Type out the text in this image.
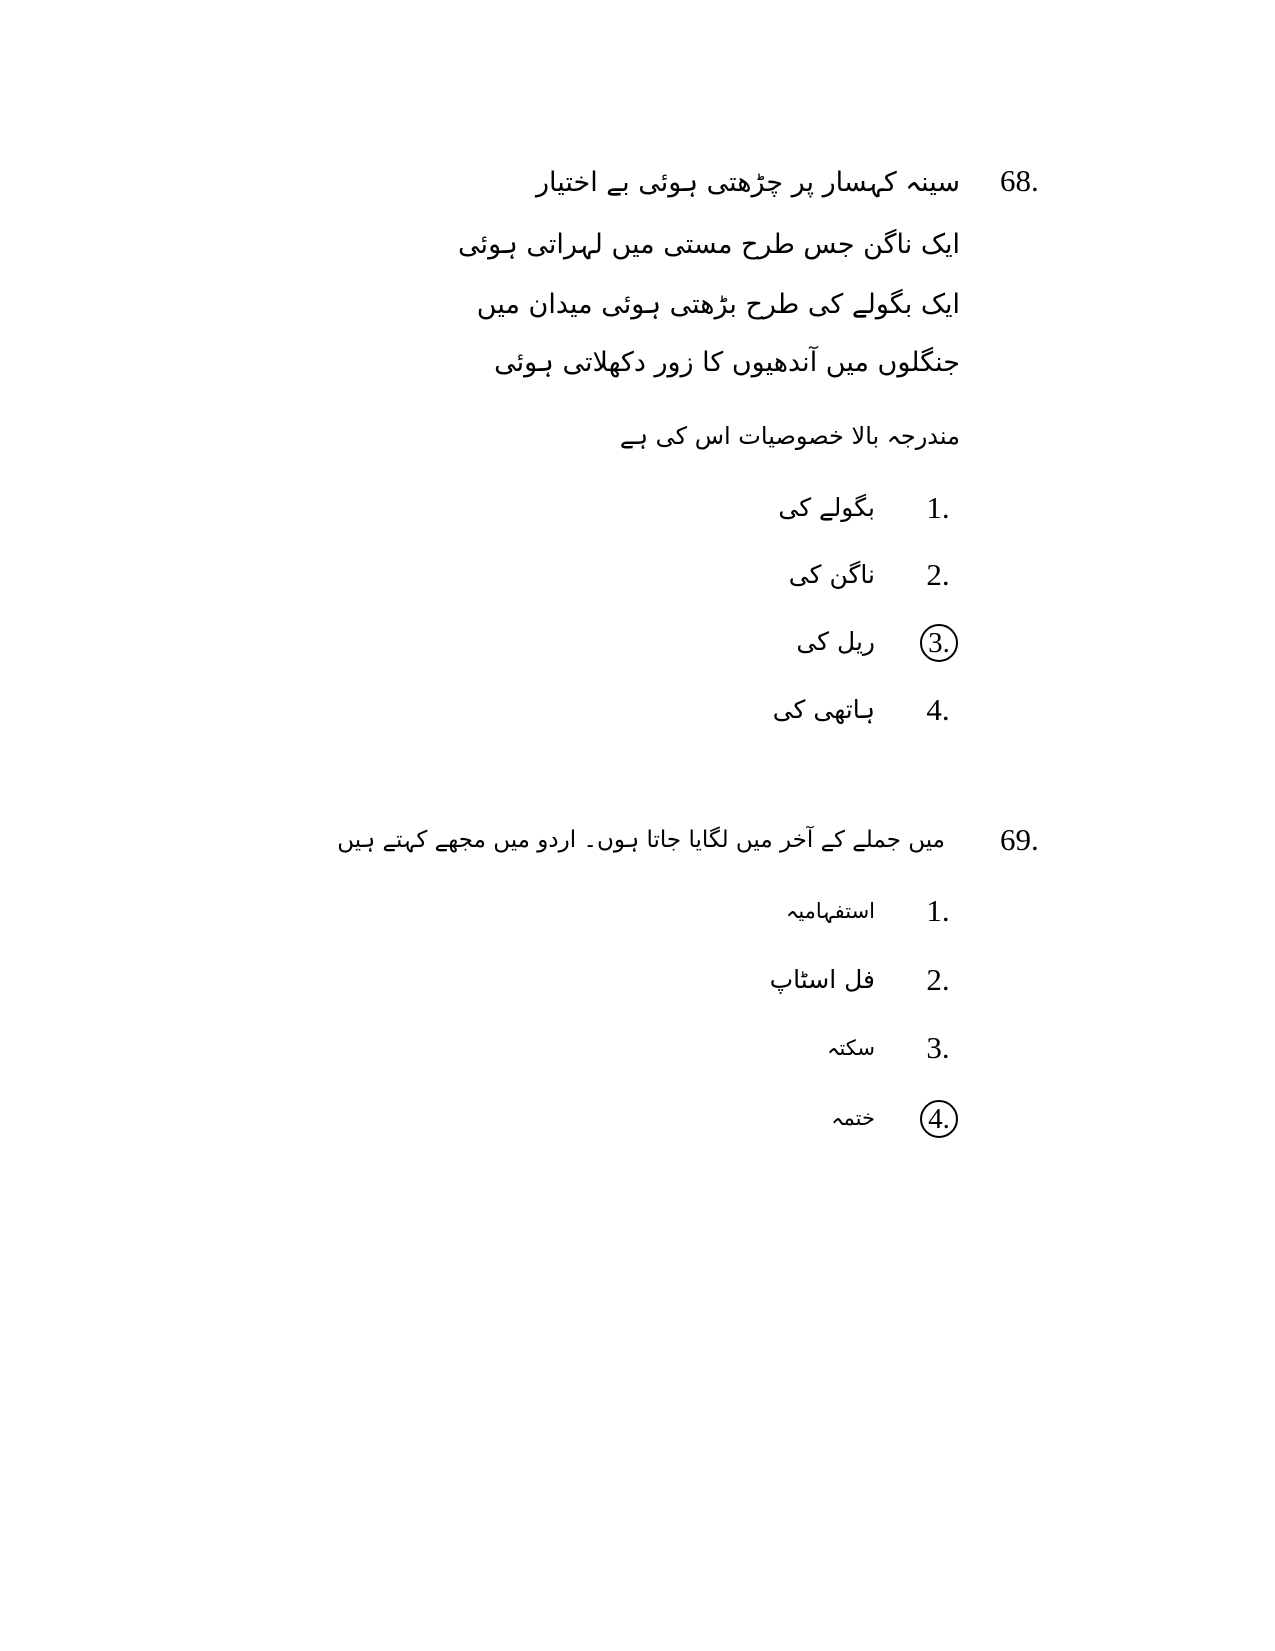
68.
سینہ کہسار پر چڑھتی ہوئی بے اختیار
ایک ناگن جس طرح مستی میں لہراتی ہوئی
ایک بگولے کی طرح بڑھتی ہوئی میدان میں
جنگلوں میں آندھیوں کا زور دکھلاتی ہوئی
مندرجہ بالا خصوصیات اس کی ہے
1.
بگولے کی
2.
ناگن کی
3.
ریل کی
4.
ہاتھی کی
69.
میں جملے کے آخر میں لگایا جاتا ہوں۔ اردو میں مجھے کہتے ہیں
1.
استفہامیہ
2.
فل اسٹاپ
3.
سکتہ
4.
ختمہ
